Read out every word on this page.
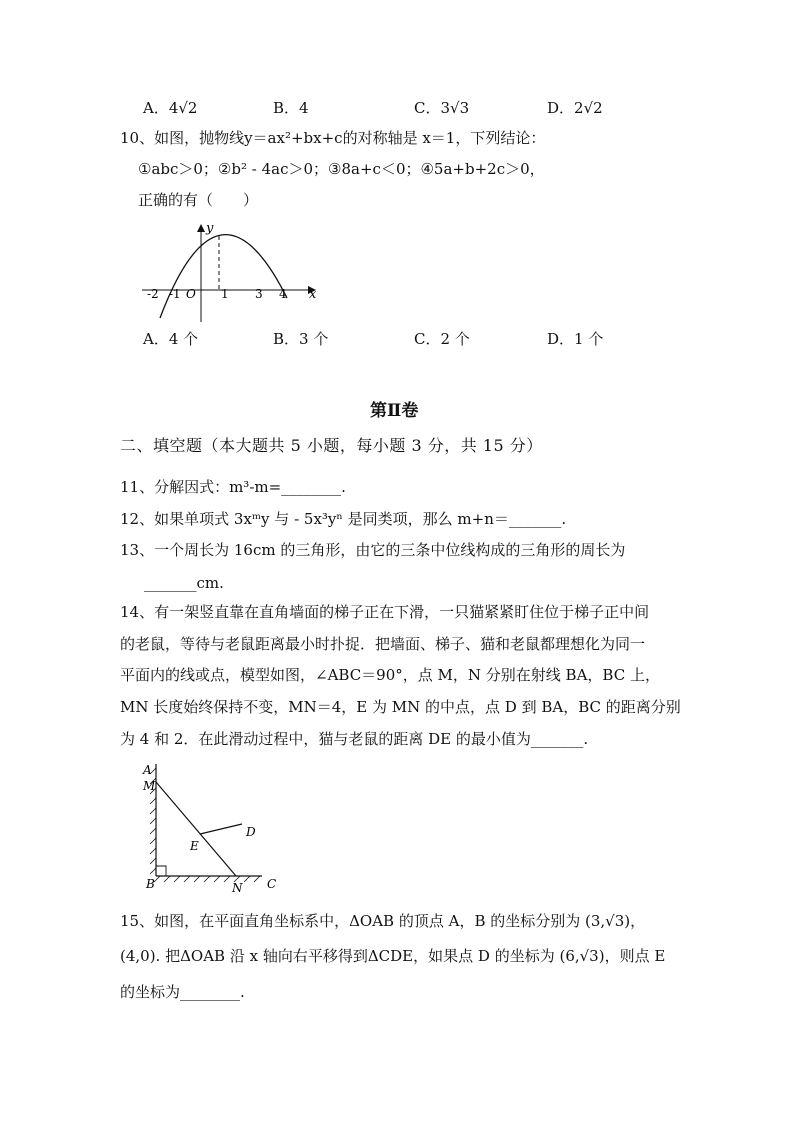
A．4√2	B．4	C．3√3	D．2√2
10、如图，抛物线y＝ax²+bx+c的对称轴是 x＝1，下列结论：
①abc＞0；②b² - 4ac＞0；③8a+c＜0；④5a+b+2c＞0，
正确的有（　　）
y
x
O
-2 -1	1 3 4
A．4 个	B．3 个	C．2 个	D．1 个
第Ⅱ卷
二、填空题（本大题共 5 小题，每小题 3 分，共 15 分）
11、分解因式：m³-m=________.
12、如果单项式 3xᵐy 与 - 5x³yⁿ 是同类项，那么 m+n＝_______.
13、一个周长为 16cm 的三角形，由它的三条中位线构成的三角形的周长为
_______cm.
14、有一架竖直靠在直角墙面的梯子正在下滑，一只猫紧紧盯住位于梯子正中间
的老鼠，等待与老鼠距离最小时扑捉．把墙面、梯子、猫和老鼠都理想化为同一
平面内的线或点，模型如图，∠ABC＝90°，点 M，N 分别在射线 BA，BC 上，
MN 长度始终保持不变，MN＝4，E 为 MN 的中点，点 D 到 BA，BC 的距离分别
为 4 和 2．在此滑动过程中，猫与老鼠的距离 DE 的最小值为_______.
A
M
D
E
B	N C
15、如图，在平面直角坐标系中，ΔOAB 的顶点 A，B 的坐标分别为 (3,√3)，
(4,0). 把ΔOAB 沿 x 轴向右平移得到ΔCDE，如果点 D 的坐标为 (6,√3)，则点 E
的坐标为________.
